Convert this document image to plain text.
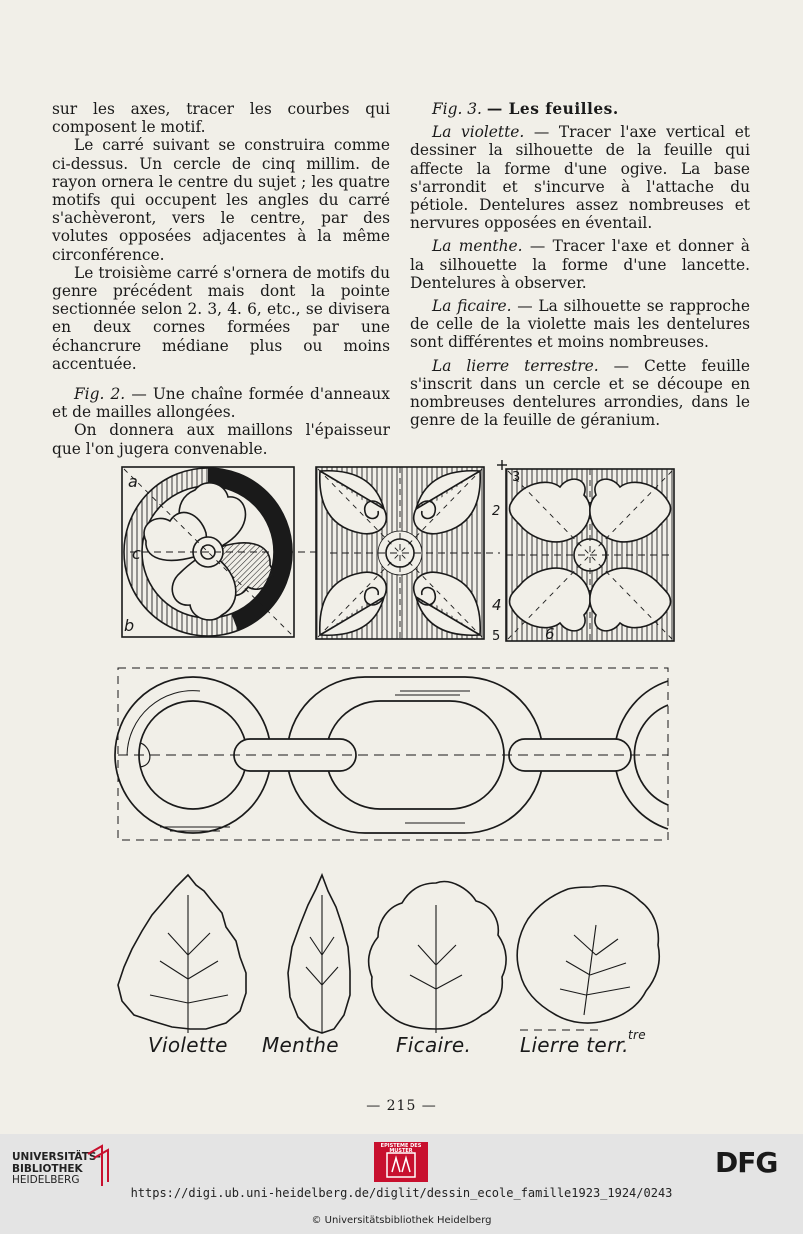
sur les axes, tracer les courbes qui composent le motif.

Le carré suivant se construira comme ci-dessus. Un cercle de cinq millim. de rayon ornera le centre du sujet ; les quatre motifs qui occupent les angles du carré s'achèveront, vers le centre, par des volutes opposées adjacentes à la même circonférence.

Le troisième carré s'ornera de motifs du genre précédent mais dont la pointe sectionnée selon 2. 3, 4. 6, etc., se divisera en deux cornes formées par une échancrure médiane plus ou moins accentuée.

Fig. 2. — Une chaîne formée d'anneaux et de mailles allongées.

On donnera aux maillons l'épaisseur que l'on jugera convenable.

Fig. 3. — Les feuilles.

La violette. — Tracer l'axe vertical et dessiner la silhouette de la feuille qui affecte la forme d'une ogive. La base s'arrondit et s'incurve à l'attache du pétiole. Dentelures assez nombreuses et nervures opposées en éventail.

La menthe. — Tracer l'axe et donner à la silhouette la forme d'une lancette. Dentelures à observer.

La ficaire. — La silhouette se rapproche de celle de la violette mais les dentelures sont différentes et moins nombreuses.

La lierre terrestre. — Cette feuille s'inscrit dans un cercle et se découpe en nombreuses dentelures arrondies, dans le genre de la feuille de géranium.

a
c
b
3
2
4
5	6
Violette Menthe	Ficaire. Lierre terr. tre
— 215 —
UNIVERSITÄTS-
BIBLIOTHEK
HEIDELBERG
EPISTEME DES MUSTER	DFG
https://digi.ub.uni-heidelberg.de/diglit/dessin_ecole_famille1923_1924/0243
© Universitätsbibliothek Heidelberg
